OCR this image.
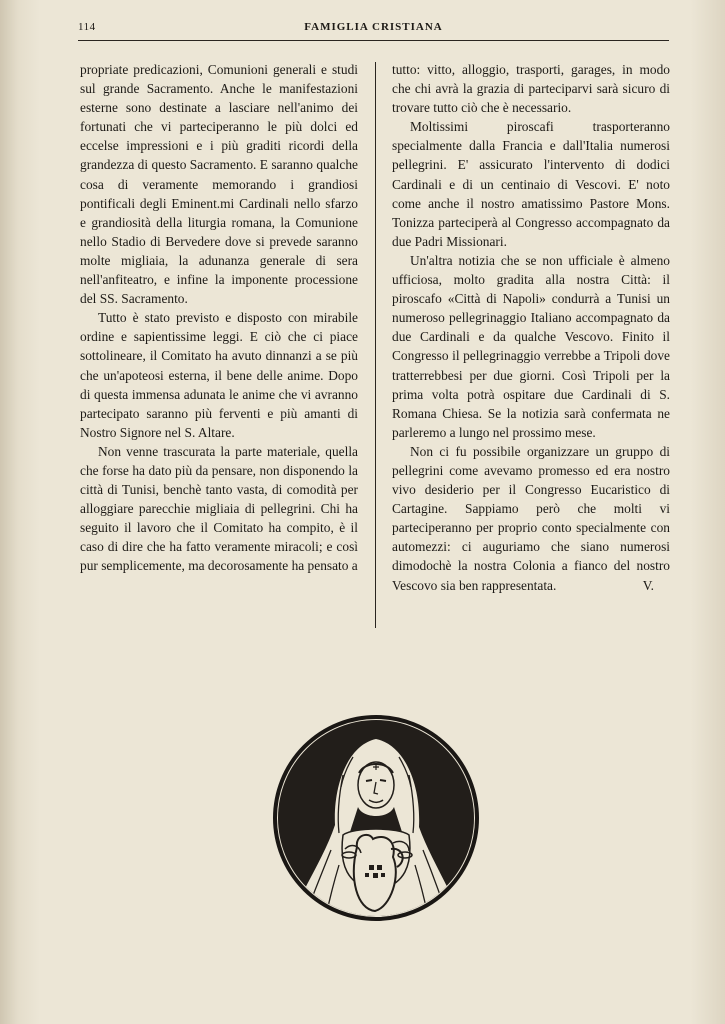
114	FAMIGLIA CRISTIANA

propriate predicazioni, Comunioni generali e studi sul grande Sacramento. Anche le manifestazioni esterne sono destinate a lasciare nell'animo dei fortunati che vi parteciperanno le più dolci ed eccelse impressioni e i più graditi ricordi della grandezza di questo Sacramento. E saranno qualche cosa di veramente memorando i grandiosi pontificali degli Eminent.mi Cardinali nello sfarzo e grandiosità della liturgia romana, la Comunione nello Stadio di Bervedere dove si prevede saranno molte migliaia, la adunanza generale di sera nell'anfiteatro, e infine la imponente processione del SS. Sacramento.

Tutto è stato previsto e disposto con mirabile ordine e sapientissime leggi. E ciò che ci piace sottolineare, il Comitato ha avuto dinnanzi a se più che un'apoteosi esterna, il bene delle anime. Dopo di questa immensa adunata le anime che vi avranno partecipato saranno più ferventi e più amanti di Nostro Signore nel S. Altare.

Non venne trascurata la parte materiale, quella che forse ha dato più da pensare, non disponendo la città di Tunisi, benchè tanto vasta, di comodità per alloggiare parecchie migliaia di pellegrini. Chi ha seguito il lavoro che il Comitato ha compito, è il caso di dire che ha fatto veramente miracoli; e così pur semplicemente, ma decorosamente ha pensato a

tutto: vitto, alloggio, trasporti, garages, in modo che chi avrà la grazia di parteciparvi sarà sicuro di trovare tutto ciò che è necessario.

Moltissimi piroscafi trasporteranno specialmente dalla Francia e dall'Italia numerosi pellegrini. E' assicurato l'intervento di dodici Cardinali e di un centinaio di Vescovi. E' noto come anche il nostro amatissimo Pastore Mons. Tonizza parteciperà al Congresso accompagnato da due Padri Missionari.

Un'altra notizia che se non ufficiale è almeno ufficiosa, molto gradita alla nostra Città: il piroscafo «Città di Napoli» condurrà a Tunisi un numeroso pellegrinaggio Italiano accompagnato da due Cardinali e da qualche Vescovo. Finito il Congresso il pellegrinaggio verrebbe a Tripoli dove tratterrebbesi per due giorni. Così Tripoli per la prima volta potrà ospitare due Cardinali di S. Romana Chiesa. Se la notizia sarà confermata ne parleremo a lungo nel prossimo mese.

Non ci fu possibile organizzare un gruppo di pellegrini come avevamo promesso ed era nostro vivo desiderio per il Congresso Eucaristico di Cartagine. Sappiamo però che molti vi parteciperanno per proprio conto specialmente con automezzi: ci auguriamo che siano numerosi dimodochè la nostra Colonia a fianco del nostro Vescovo sia ben rappresentata.	V.
